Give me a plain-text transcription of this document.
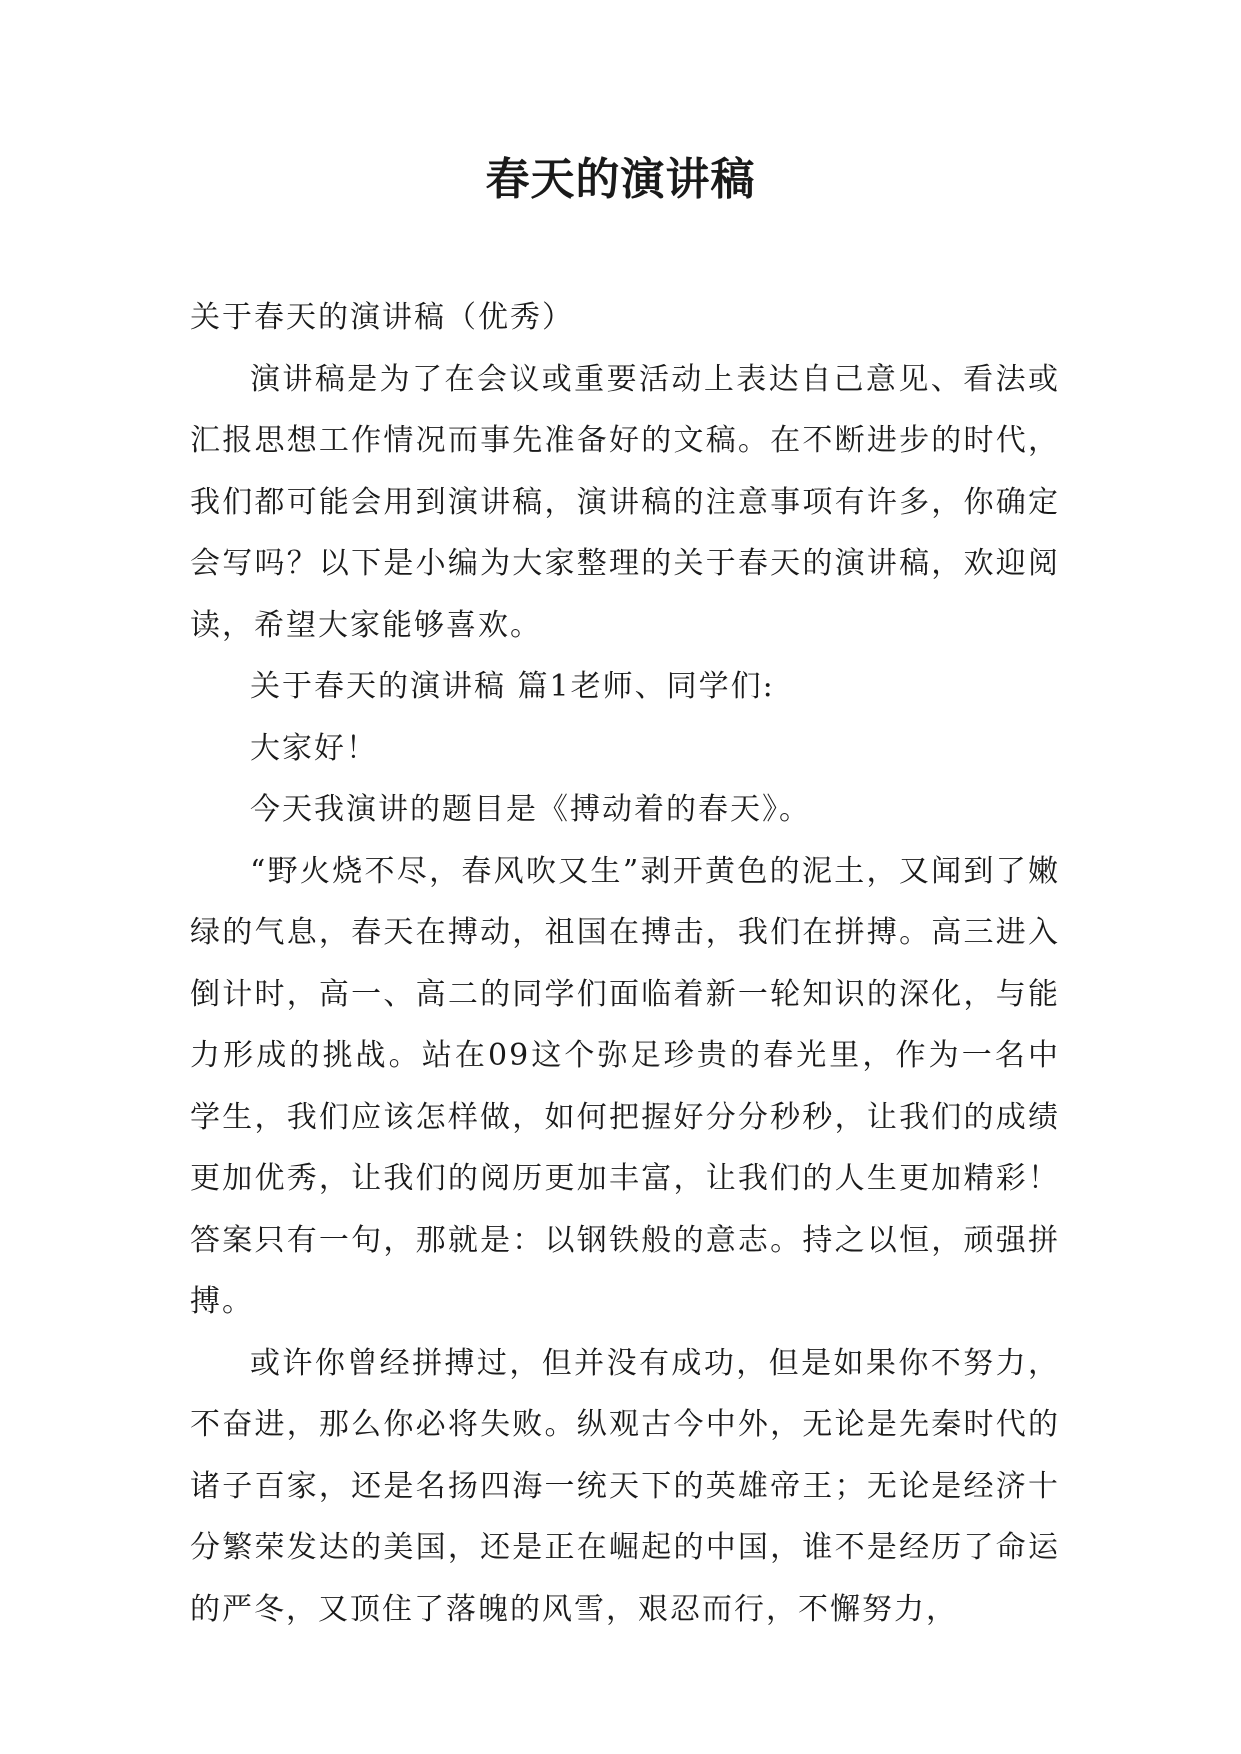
春天的演讲稿

关于春天的演讲稿（优秀）

演讲稿是为了在会议或重要活动上表达自己意见、看法或汇报思想工作情况而事先准备好的文稿。在不断进步的时代，我们都可能会用到演讲稿，演讲稿的注意事项有许多，你确定会写吗？以下是小编为大家整理的关于春天的演讲稿，欢迎阅读，希望大家能够喜欢。

关于春天的演讲稿 篇1老师、同学们:

大家好！

今天我演讲的题目是《搏动着的春天》。

“野火烧不尽，春风吹又生”剥开黄色的泥土，又闻到了嫩绿的气息，春天在搏动，祖国在搏击，我们在拼搏。高三进入倒计时，高一、高二的同学们面临着新一轮知识的深化，与能力形成的挑战。站在09这个弥足珍贵的春光里，作为一名中学生，我们应该怎样做，如何把握好分分秒秒，让我们的成绩更加优秀，让我们的阅历更加丰富，让我们的人生更加精彩！答案只有一句，那就是：以钢铁般的意志。持之以恒，顽强拼搏。

或许你曾经拼搏过，但并没有成功，但是如果你不努力，不奋进，那么你必将失败。纵观古今中外，无论是先秦时代的诸子百家，还是名扬四海一统天下的英雄帝王；无论是经济十分繁荣发达的美国，还是正在崛起的中国，谁不是经历了命运的严冬，又顶住了落魄的风雪，艰忍而行，不懈努力，
